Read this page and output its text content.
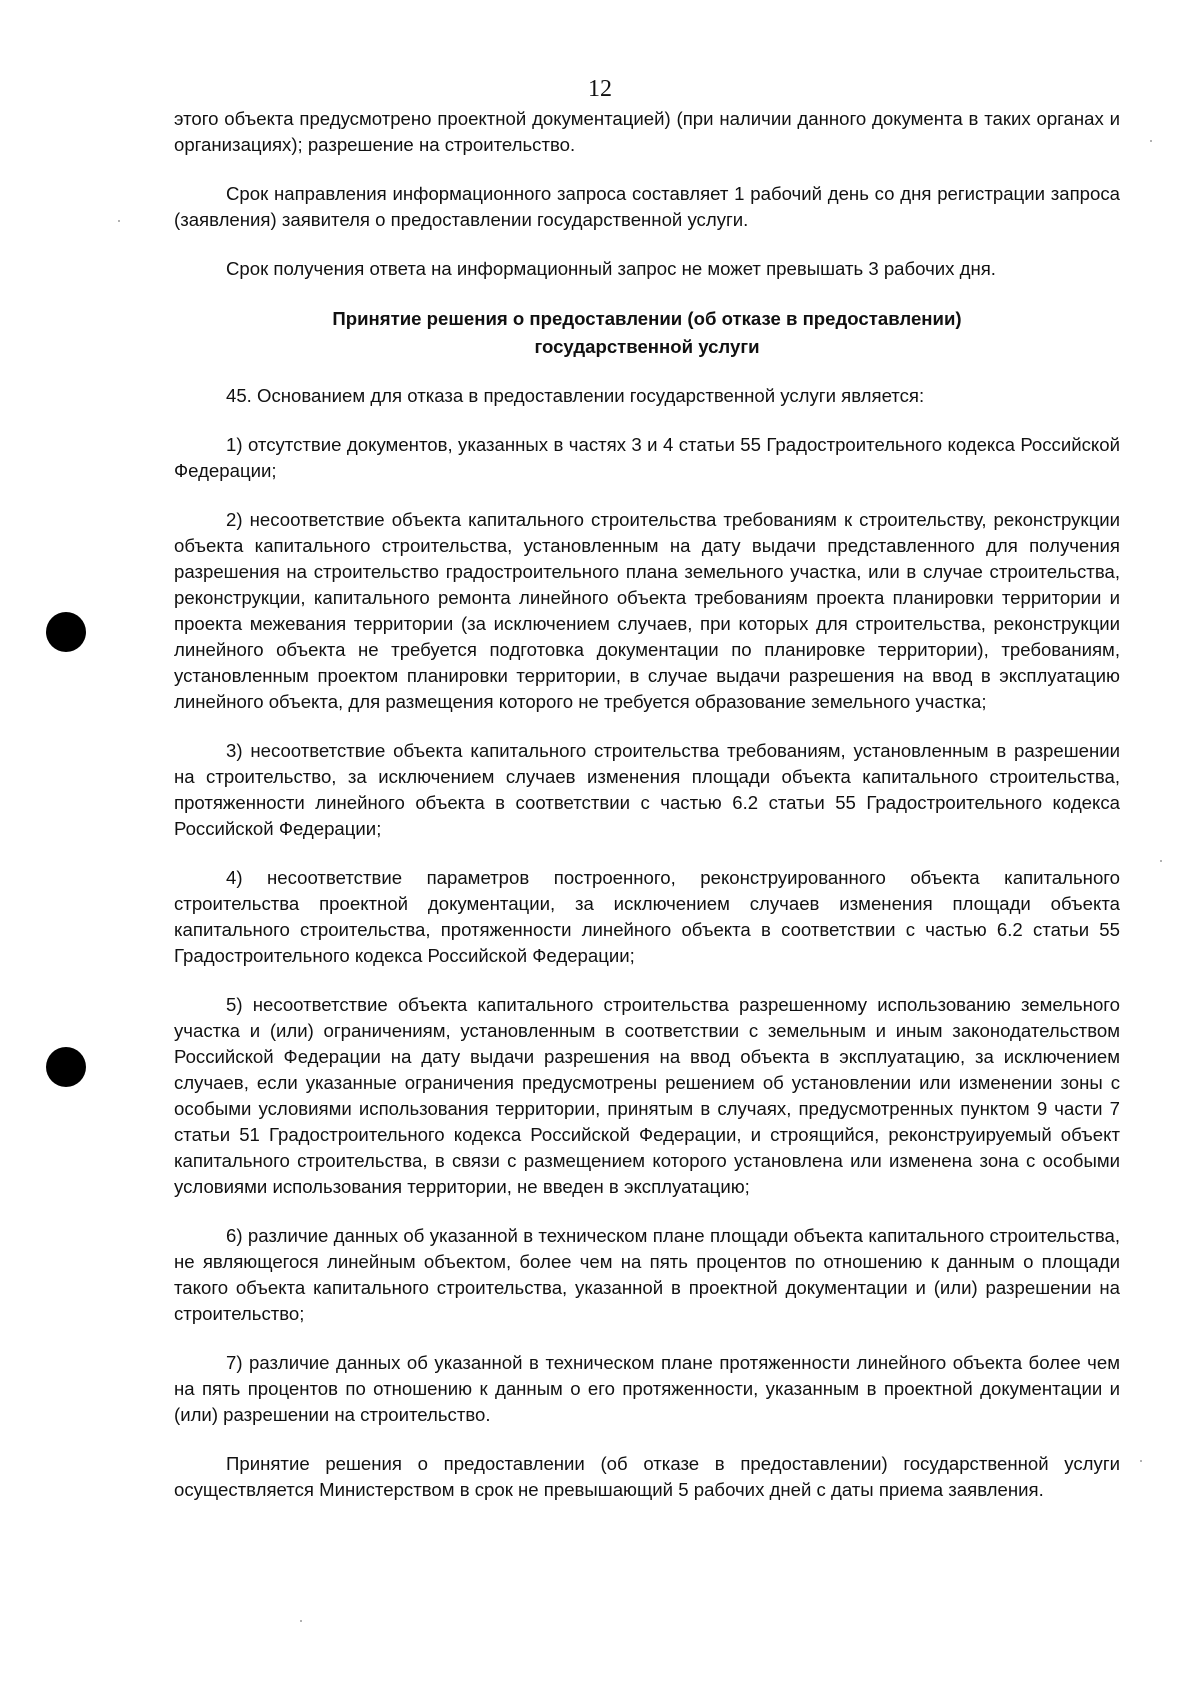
12

этого объекта предусмотрено проектной документацией) (при наличии данного документа в таких органах и организациях); разрешение на строительство.

Срок направления информационного запроса составляет 1 рабочий день со дня регистрации запроса (заявления) заявителя о предоставлении государственной услуги.

Срок получения ответа на информационный запрос не может превышать 3 рабочих дня.

Принятие решения о предоставлении (об отказе в предоставлении)
государственной услуги

45. Основанием для отказа в предоставлении государственной услуги является:

1) отсутствие документов, указанных в частях 3 и 4 статьи 55 Градостроительного кодекса Российской Федерации;

2) несоответствие объекта капитального строительства требованиям к строительству, реконструкции объекта капитального строительства, установленным на дату выдачи представленного для получения разрешения на строительство градостроительного плана земельного участка, или в случае строительства, реконструкции, капитального ремонта линейного объекта требованиям проекта планировки территории и проекта межевания территории (за исключением случаев, при которых для строительства, реконструкции линейного объекта не требуется подготовка документации по планировке территории), требованиям, установленным проектом планировки территории, в случае выдачи разрешения на ввод в эксплуатацию линейного объекта, для размещения которого не требуется образование земельного участка;

3) несоответствие объекта капитального строительства требованиям, установленным в разрешении на строительство, за исключением случаев изменения площади объекта капитального строительства, протяженности линейного объекта в соответствии с частью 6.2 статьи 55 Градостроительного кодекса Российской Федерации;

4) несоответствие параметров построенного, реконструированного объекта капитального строительства проектной документации, за исключением случаев изменения площади объекта капитального строительства, протяженности линейного объекта в соответствии с частью 6.2 статьи 55 Градостроительного кодекса Российской Федерации;

5) несоответствие объекта капитального строительства разрешенному использованию земельного участка и (или) ограничениям, установленным в соответствии с земельным и иным законодательством Российской Федерации на дату выдачи разрешения на ввод объекта в эксплуатацию, за исключением случаев, если указанные ограничения предусмотрены решением об установлении или изменении зоны с особыми условиями использования территории, принятым в случаях, предусмотренных пунктом 9 части 7 статьи 51 Градостроительного кодекса Российской Федерации, и строящийся, реконструируемый объект капитального строительства, в связи с размещением которого установлена или изменена зона с особыми условиями использования территории, не введен в эксплуатацию;

6) различие данных об указанной в техническом плане площади объекта капитального строительства, не являющегося линейным объектом, более чем на пять процентов по отношению к данным о площади такого объекта капитального строительства, указанной в проектной документации и (или) разрешении на строительство;

7) различие данных об указанной в техническом плане протяженности линейного объекта более чем на пять процентов по отношению к данным о его протяженности, указанным в проектной документации и (или) разрешении на строительство.

Принятие решения о предоставлении (об отказе в предоставлении) государственной услуги осуществляется Министерством в срок не превышающий 5 рабочих дней с даты приема заявления.
